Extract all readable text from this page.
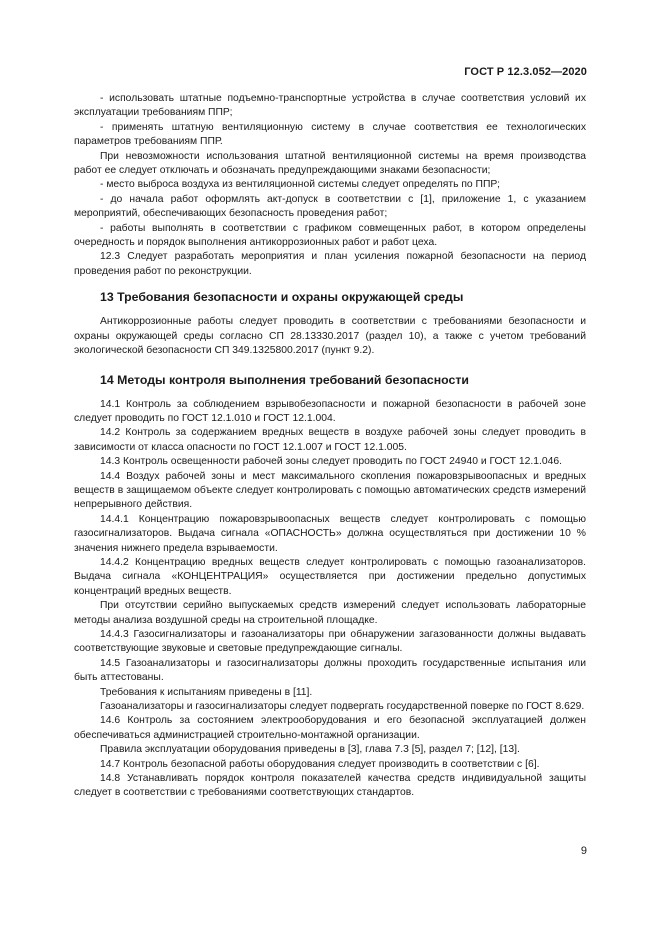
ГОСТ Р 12.3.052—2020

- использовать штатные подъемно-транспортные устройства в случае соответствия условий их эксплуатации требованиям ППР;

- применять штатную вентиляционную систему в случае соответствия ее технологических параметров требованиям ППР.

При невозможности использования штатной вентиляционной системы на время производства работ ее следует отключать и обозначать предупреждающими знаками безопасности;

- место выброса воздуха из вентиляционной системы следует определять по ППР;

- до начала работ оформлять акт-допуск в соответствии с [1], приложение 1, с указанием мероприятий, обеспечивающих безопасность проведения работ;

- работы выполнять в соответствии с графиком совмещенных работ, в котором определены очередность и порядок выполнения антикоррозионных работ и работ цеха.

12.3 Следует разработать мероприятия и план усиления пожарной безопасности на период проведения работ по реконструкции.

13 Требования безопасности и охраны окружающей среды

Антикоррозионные работы следует проводить в соответствии с требованиями безопасности и охраны окружающей среды согласно СП 28.13330.2017 (раздел 10), а также с учетом требований экологической безопасности СП 349.1325800.2017 (пункт 9.2).

14 Методы контроля выполнения требований безопасности

14.1 Контроль за соблюдением взрывобезопасности и пожарной безопасности в рабочей зоне следует проводить по ГОСТ 12.1.010 и ГОСТ 12.1.004.

14.2 Контроль за содержанием вредных веществ в воздухе рабочей зоны следует проводить в зависимости от класса опасности по ГОСТ 12.1.007 и ГОСТ 12.1.005.

14.3 Контроль освещенности рабочей зоны следует проводить по ГОСТ 24940 и ГОСТ 12.1.046.

14.4 Воздух рабочей зоны и мест максимального скопления пожаровзрывоопасных и вредных веществ в защищаемом объекте следует контролировать с помощью автоматических средств измерений непрерывного действия.

14.4.1 Концентрацию пожаровзрывоопасных веществ следует контролировать с помощью газосигнализаторов. Выдача сигнала «ОПАСНОСТЬ» должна осуществляться при достижении 10 % значения нижнего предела взрываемости.

14.4.2 Концентрацию вредных веществ следует контролировать с помощью газоанализаторов. Выдача сигнала «КОНЦЕНТРАЦИЯ» осуществляется при достижении предельно допустимых концентраций вредных веществ.

При отсутствии серийно выпускаемых средств измерений следует использовать лабораторные методы анализа воздушной среды на строительной площадке.

14.4.3 Газосигнализаторы и газоанализаторы при обнаружении загазованности должны выдавать соответствующие звуковые и световые предупреждающие сигналы.

14.5 Газоанализаторы и газосигнализаторы должны проходить государственные испытания или быть аттестованы.

Требования к испытаниям приведены в [11].

Газоанализаторы и газосигнализаторы следует подвергать государственной поверке по ГОСТ 8.629.

14.6 Контроль за состоянием электрооборудования и его безопасной эксплуатацией должен обеспечиваться администрацией строительно-монтажной организации.

Правила эксплуатации оборудования приведены в [3], глава 7.3 [5], раздел 7; [12], [13].

14.7 Контроль безопасной работы оборудования следует производить в соответствии с [6].

14.8 Устанавливать порядок контроля показателей качества средств индивидуальной защиты следует в соответствии с требованиями соответствующих стандартов.

9
